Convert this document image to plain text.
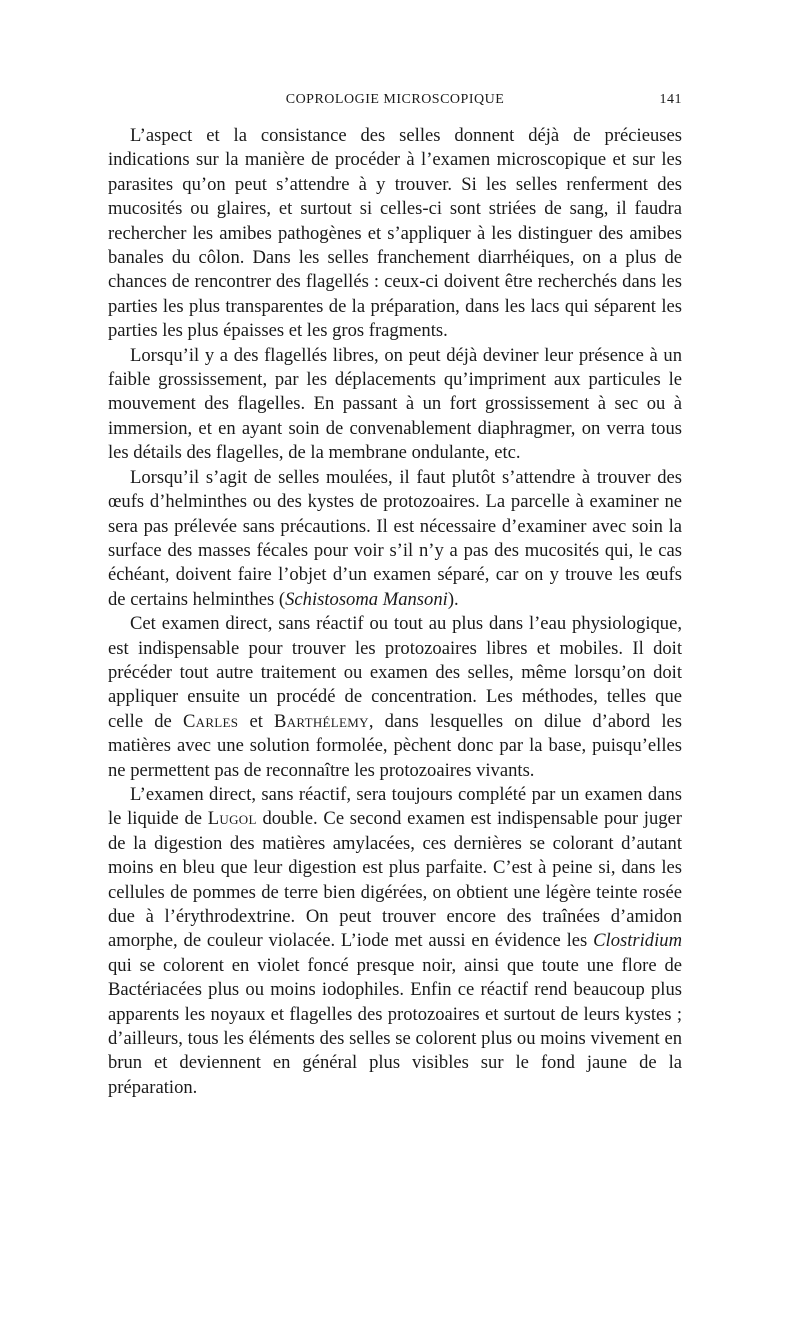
COPROLOGIE MICROSCOPIQUE	141

L’aspect et la consistance des selles donnent déjà de précieuses indications sur la manière de procéder à l’examen microscopique et sur les parasites qu’on peut s’attendre à y trouver. Si les selles renferment des mucosités ou glaires, et surtout si celles-ci sont striées de sang, il faudra rechercher les amibes pathogènes et s’appliquer à les distinguer des amibes banales du côlon. Dans les selles franchement diarrhéiques, on a plus de chances de rencontrer des flagellés : ceux-ci doivent être recherchés dans les parties les plus transparentes de la préparation, dans les lacs qui séparent les parties les plus épaisses et les gros fragments.

Lorsqu’il y a des flagellés libres, on peut déjà deviner leur présence à un faible grossissement, par les déplacements qu’impriment aux particules le mouvement des flagelles. En passant à un fort grossissement à sec ou à immersion, et en ayant soin de convenablement diaphragmer, on verra tous les détails des flagelles, de la membrane ondulante, etc.

Lorsqu’il s’agit de selles moulées, il faut plutôt s’attendre à trouver des œufs d’helminthes ou des kystes de protozoaires. La parcelle à examiner ne sera pas prélevée sans précautions. Il est nécessaire d’examiner avec soin la surface des masses fécales pour voir s’il n’y a pas des mucosités qui, le cas échéant, doivent faire l’objet d’un examen séparé, car on y trouve les œufs de certains helminthes (Schistosoma Mansoni).

Cet examen direct, sans réactif ou tout au plus dans l’eau physiologique, est indispensable pour trouver les protozoaires libres et mobiles. Il doit précéder tout autre traitement ou examen des selles, même lorsqu’on doit appliquer ensuite un procédé de concentration. Les méthodes, telles que celle de Carles et Barthélemy, dans lesquelles on dilue d’abord les matières avec une solution formolée, pèchent donc par la base, puisqu’elles ne permettent pas de reconnaître les protozoaires vivants.

L’examen direct, sans réactif, sera toujours complété par un examen dans le liquide de Lugol double. Ce second examen est indispensable pour juger de la digestion des matières amylacées, ces dernières se colorant d’autant moins en bleu que leur digestion est plus parfaite. C’est à peine si, dans les cellules de pommes de terre bien digérées, on obtient une légère teinte rosée due à l’érythrodextrine. On peut trouver encore des traînées d’amidon amorphe, de couleur violacée. L’iode met aussi en évidence les Clostridium qui se colorent en violet foncé presque noir, ainsi que toute une flore de Bactériacées plus ou moins iodophiles. Enfin ce réactif rend beaucoup plus apparents les noyaux et flagelles des protozoaires et surtout de leurs kystes ; d’ailleurs, tous les éléments des selles se colorent plus ou moins vivement en brun et deviennent en général plus visibles sur le fond jaune de la préparation.
